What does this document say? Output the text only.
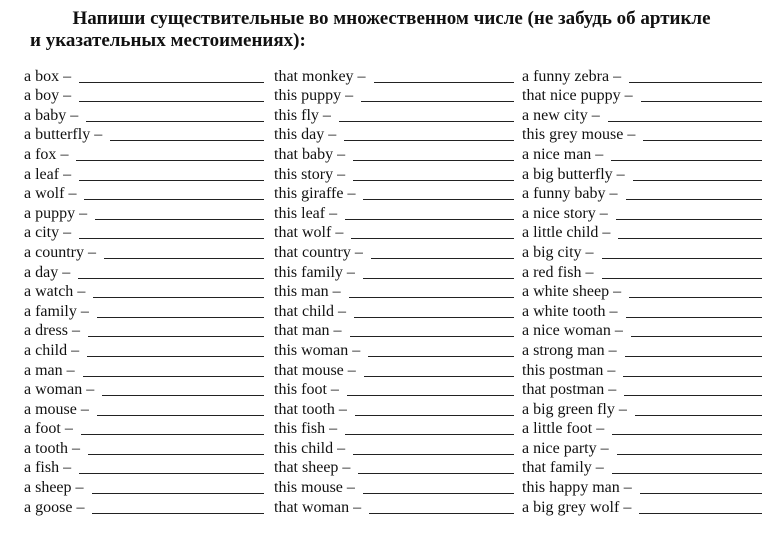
Напиши существительные во множественном числе (не забудь об артикле
и указательных местоимениях):
a box –
a boy –
a baby –
a butterfly –
a fox –
a leaf –
a wolf –
a puppy –
a city –
a country –
a day –
a watch –
a family –
a dress –
a child –
a man –
a woman –
a mouse –
a foot –
a tooth –
a fish –
a sheep –
a goose –
that monkey –
this puppy –
this fly –
this day –
that baby –
this story –
this giraffe –
this leaf –
that wolf –
that country –
this family –
this man –
that child –
that man –
this woman –
that mouse –
this foot –
that tooth –
this fish –
this child –
that sheep –
this mouse –
that woman –
a funny zebra –
that nice puppy –
a new city –
this grey mouse –
a nice man –
a big butterfly –
a funny baby –
a nice story –
a little child –
a big city –
a red fish –
a white sheep –
a white tooth –
a nice woman –
a strong man –
this postman –
that postman –
a big green fly –
a little foot –
a nice party –
that family –
this happy man –
a big grey wolf –
